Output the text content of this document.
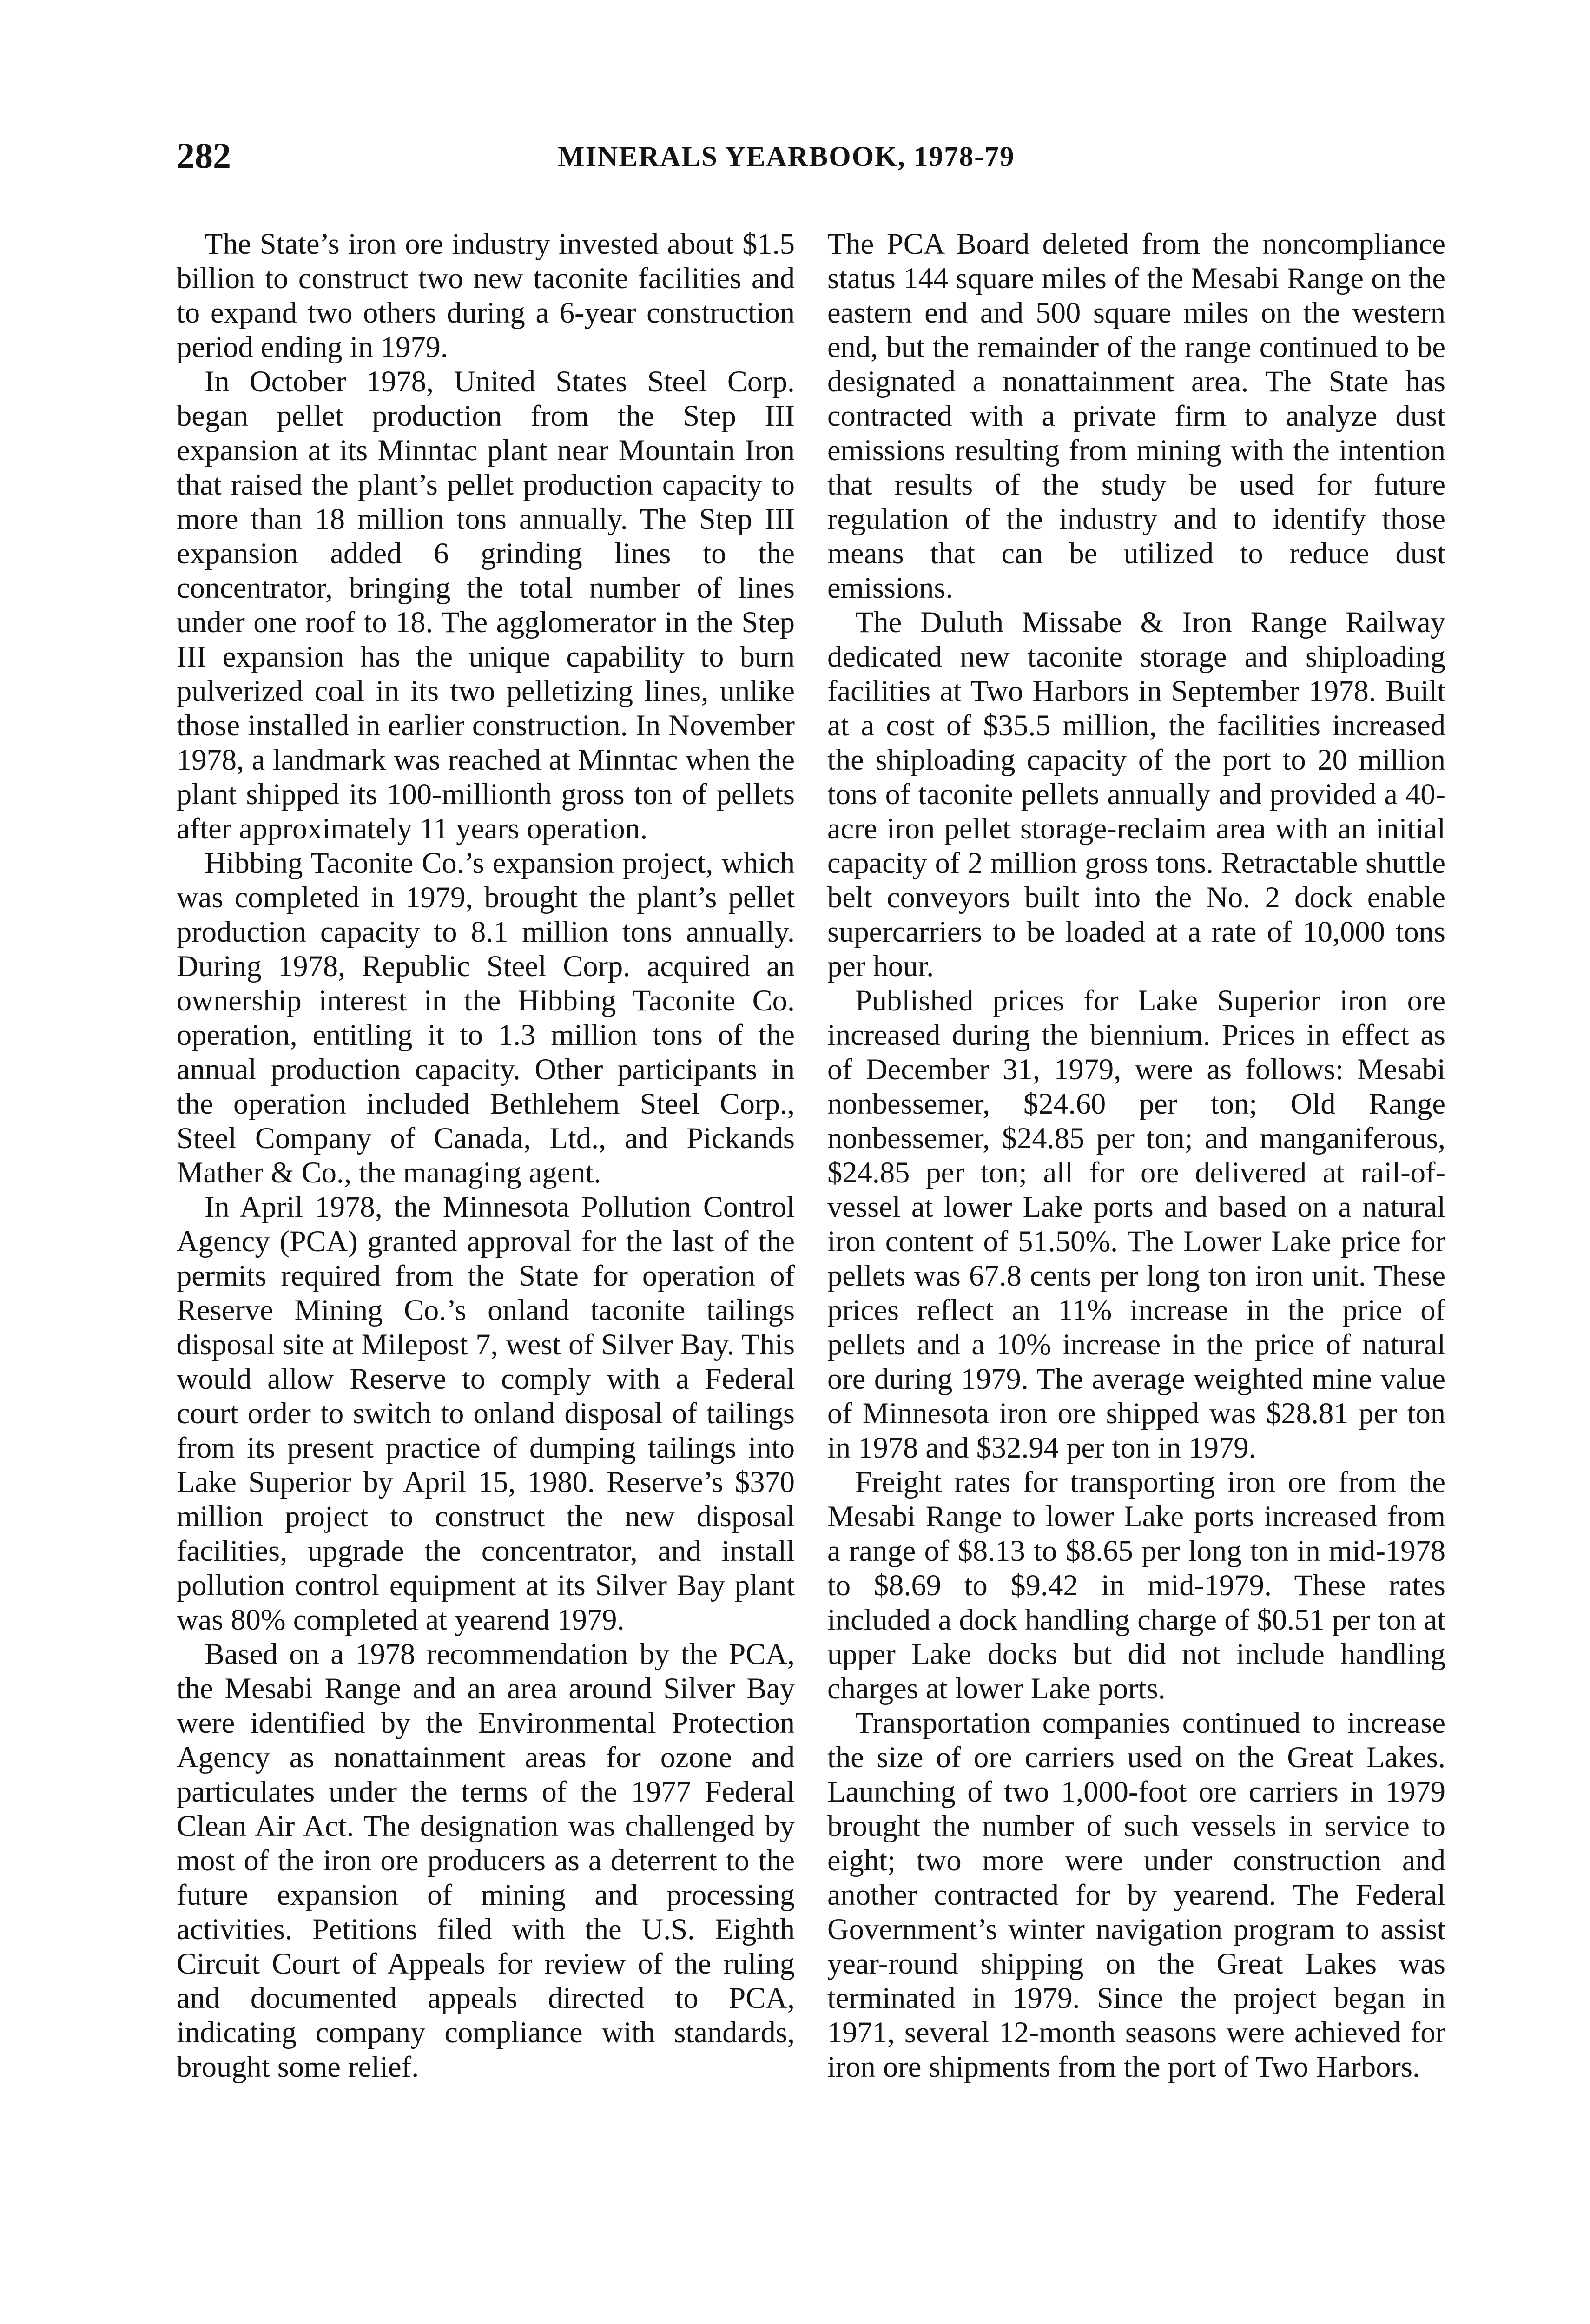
282	MINERALS YEARBOOK, 1978-79

The State’s iron ore industry invested about $1.5 billion to construct two new taconite facilities and to expand two others during a 6-year construction period ending in 1979.

In October 1978, United States Steel Corp. began pellet production from the Step III expansion at its Minntac plant near Mountain Iron that raised the plant’s pellet production capacity to more than 18 million tons annually. The Step III expansion added 6 grinding lines to the concentrator, bringing the total number of lines under one roof to 18. The agglomerator in the Step III expansion has the unique capability to burn pulverized coal in its two pelletizing lines, unlike those installed in earlier construction. In November 1978, a landmark was reached at Minntac when the plant shipped its 100-millionth gross ton of pellets after approximately 11 years operation.

Hibbing Taconite Co.’s expansion project, which was completed in 1979, brought the plant’s pellet production capacity to 8.1 million tons annually. During 1978, Republic Steel Corp. acquired an ownership interest in the Hibbing Taconite Co. operation, entitling it to 1.3 million tons of the annual production capacity. Other participants in the operation included Bethlehem Steel Corp., Steel Company of Canada, Ltd., and Pickands Mather & Co., the managing agent.

In April 1978, the Minnesota Pollution Control Agency (PCA) granted approval for the last of the permits required from the State for operation of Reserve Mining Co.’s onland taconite tailings disposal site at Milepost 7, west of Silver Bay. This would allow Reserve to comply with a Federal court order to switch to onland disposal of tailings from its present practice of dumping tailings into Lake Superior by April 15, 1980. Reserve’s $370 million project to construct the new disposal facilities, upgrade the concentrator, and install pollution control equipment at its Silver Bay plant was 80% completed at yearend 1979.

Based on a 1978 recommendation by the PCA, the Mesabi Range and an area around Silver Bay were identified by the Environmental Protection Agency as nonattainment areas for ozone and particulates under the terms of the 1977 Federal Clean Air Act. The designation was challenged by most of the iron ore producers as a deterrent to the future expansion of mining and processing activities. Petitions filed with the U.S. Eighth Circuit Court of Appeals for review of the ruling and documented appeals directed to PCA, indicating company compliance with standards, brought some relief.

The PCA Board deleted from the noncompliance status 144 square miles of the Mesabi Range on the eastern end and 500 square miles on the western end, but the remainder of the range continued to be designated a nonattainment area. The State has contracted with a private firm to analyze dust emissions resulting from mining with the intention that results of the study be used for future regulation of the industry and to identify those means that can be utilized to reduce dust emissions.

The Duluth Missabe & Iron Range Railway dedicated new taconite storage and shiploading facilities at Two Harbors in September 1978. Built at a cost of $35.5 million, the facilities increased the shiploading capacity of the port to 20 million tons of taconite pellets annually and provided a 40-acre iron pellet storage-reclaim area with an initial capacity of 2 million gross tons. Retractable shuttle belt conveyors built into the No. 2 dock enable supercarriers to be loaded at a rate of 10,000 tons per hour.

Published prices for Lake Superior iron ore increased during the biennium. Prices in effect as of December 31, 1979, were as follows: Mesabi nonbessemer, $24.60 per ton; Old Range nonbessemer, $24.85 per ton; and manganiferous, $24.85 per ton; all for ore delivered at rail-of-vessel at lower Lake ports and based on a natural iron content of 51.50%. The Lower Lake price for pellets was 67.8 cents per long ton iron unit. These prices reflect an 11% increase in the price of pellets and a 10% increase in the price of natural ore during 1979. The average weighted mine value of Minnesota iron ore shipped was $28.81 per ton in 1978 and $32.94 per ton in 1979.

Freight rates for transporting iron ore from the Mesabi Range to lower Lake ports increased from a range of $8.13 to $8.65 per long ton in mid-1978 to $8.69 to $9.42 in mid-1979. These rates included a dock handling charge of $0.51 per ton at upper Lake docks but did not include handling charges at lower Lake ports.

Transportation companies continued to increase the size of ore carriers used on the Great Lakes. Launching of two 1,000-foot ore carriers in 1979 brought the number of such vessels in service to eight; two more were under construction and another contracted for by yearend. The Federal Government’s winter navigation program to assist year-round shipping on the Great Lakes was terminated in 1979. Since the project began in 1971, several 12-month seasons were achieved for iron ore shipments from the port of Two Harbors.
